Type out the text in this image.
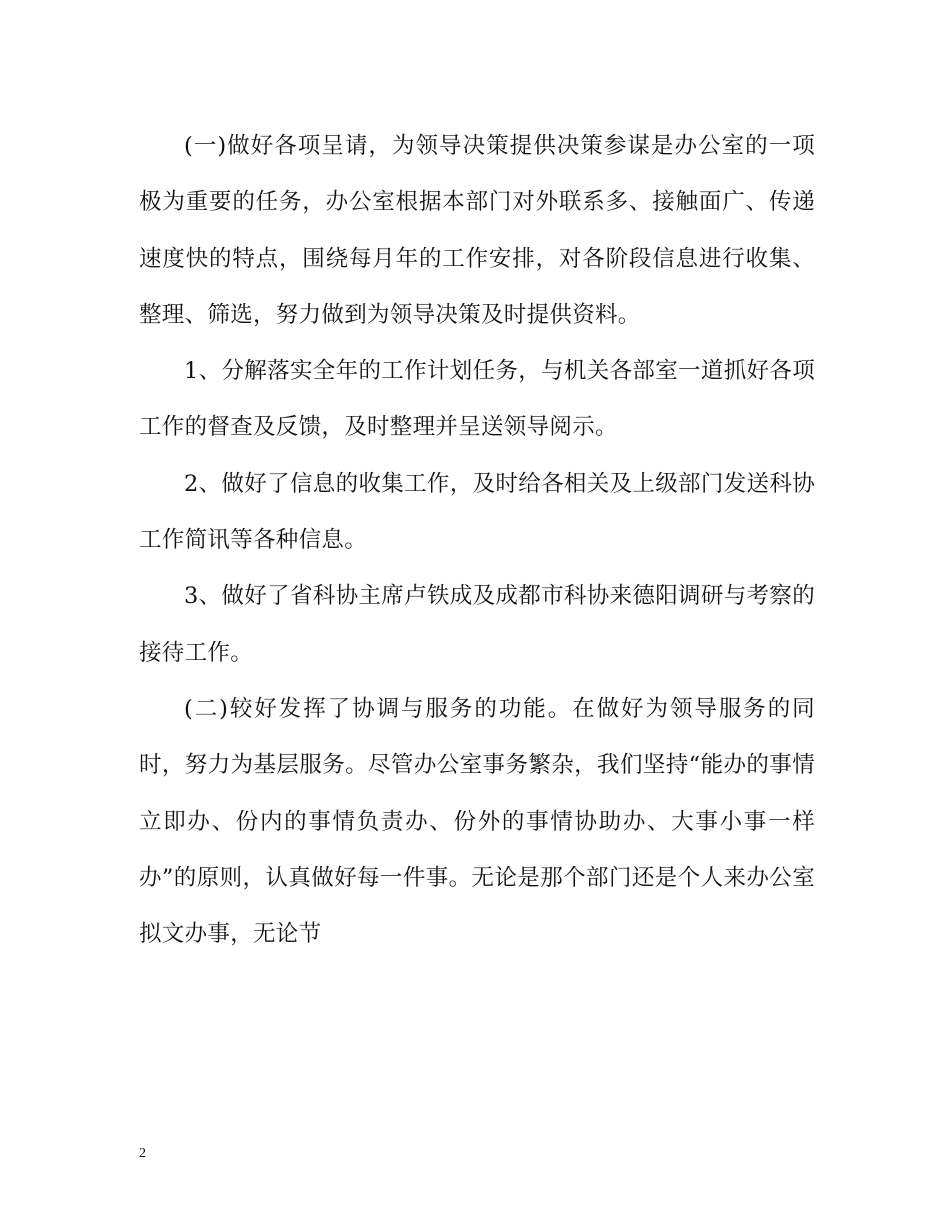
(一)做好各项呈请，为领导决策提供决策参谋是办公室的一项极为重要的任务，办公室根据本部门对外联系多、接触面广、传递速度快的特点，围绕每月年的工作安排，对各阶段信息进行收集、整理、筛选，努力做到为领导决策及时提供资料。

1、分解落实全年的工作计划任务，与机关各部室一道抓好各项工作的督查及反馈，及时整理并呈送领导阅示。

2、做好了信息的收集工作，及时给各相关及上级部门发送科协工作简讯等各种信息。

3、做好了省科协主席卢铁成及成都市科协来德阳调研与考察的接待工作。

(二)较好发挥了协调与服务的功能。在做好为领导服务的同时，努力为基层服务。尽管办公室事务繁杂，我们坚持“能办的事情立即办、份内的事情负责办、份外的事情协助办、大事小事一样办”的原则，认真做好每一件事。无论是那个部门还是个人来办公室拟文办事，无论节

2
